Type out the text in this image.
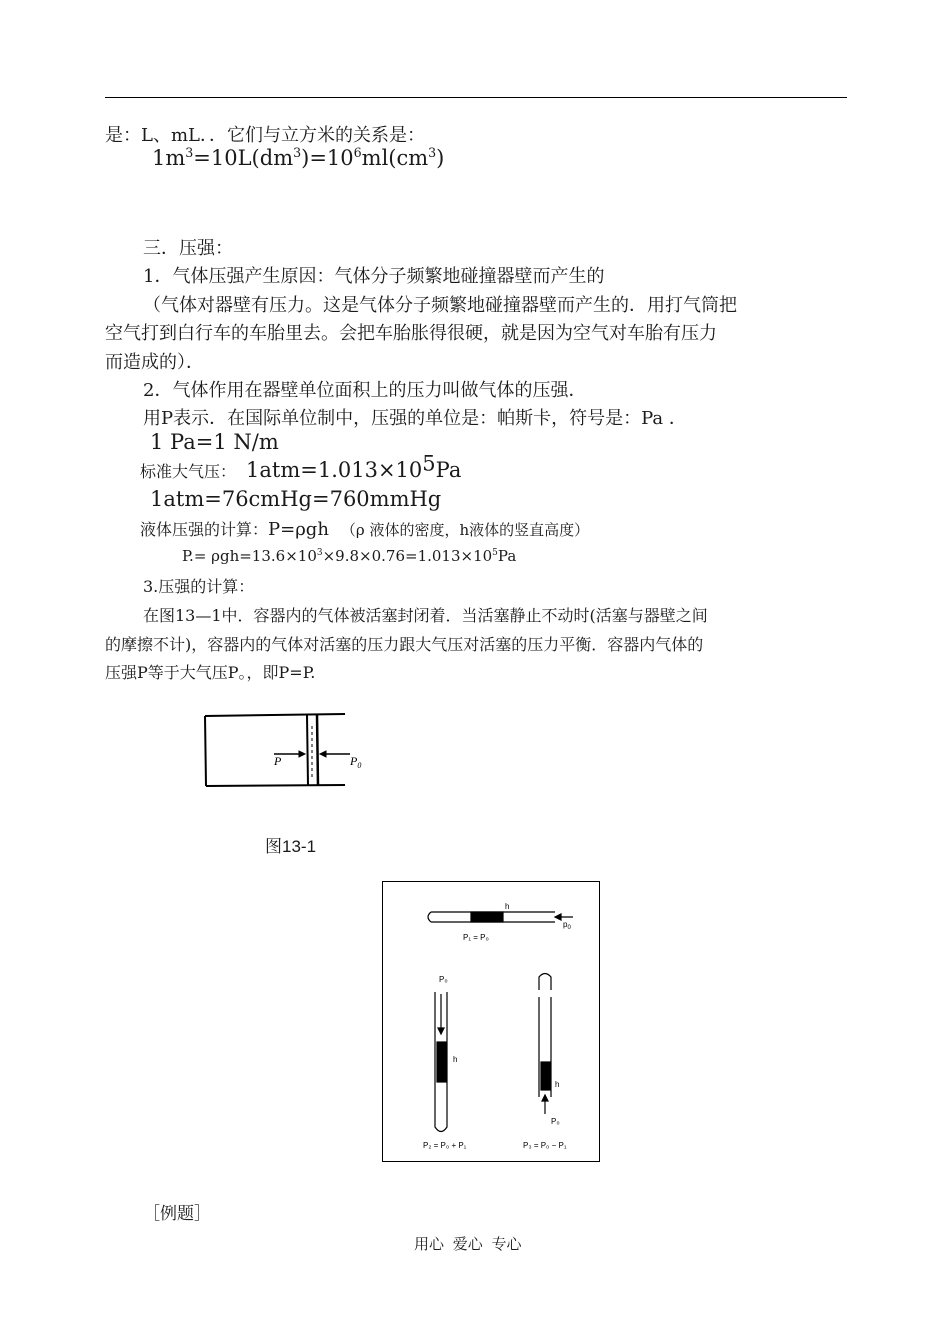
是：L、mL．．它们与立方米的关系是：
$1m^3=10L(dm^3)=10^6ml(cm^3)$
三．压强：
1．气体压强产生原因：气体分子频繁地碰撞器壁而产生的
（气体对器壁有压力。这是气体分子频繁地碰撞器壁而产生的．用打气筒把
空气打到白行车的车胎里去。会把车胎胀得很硬，就是因为空气对车胎有压力
而造成的）．
2．气体作用在器壁单位面积上的压力叫做气体的压强．
用P表示．在国际单位制中，压强的单位是：帕斯卡，符号是：Pa ．
1 Pa=1 N/m
标准大气压： $1atm=1.013\times 10^5Pa$
1atm=76cmHg=760mmHg
液体压强的计算：P=ρgh （ρ 液体的密度，h液体的竖直高度）
$P.= \rho gh=13.6\times 10^3\times 9.8\times 0.76=1.013\times 10^5Pa$
3.压强的计算：
在图13—1中．容器内的气体被活塞封闭着．当活塞静止不动时(活塞与器壁之间
的摩擦不计)，容器内的气体对活塞的压力跟大气压对活塞的压力平衡．容器内气体的
压强P等于大气压P。，即P=P.
P	$P_0$
图13-1
h
$p_0$
P₁ = P₀
P₀
h
P₂ = P₀ + P₁
h
P₀
P₃ = P₀ − P₁
［例题］
用心 爱心 专心
